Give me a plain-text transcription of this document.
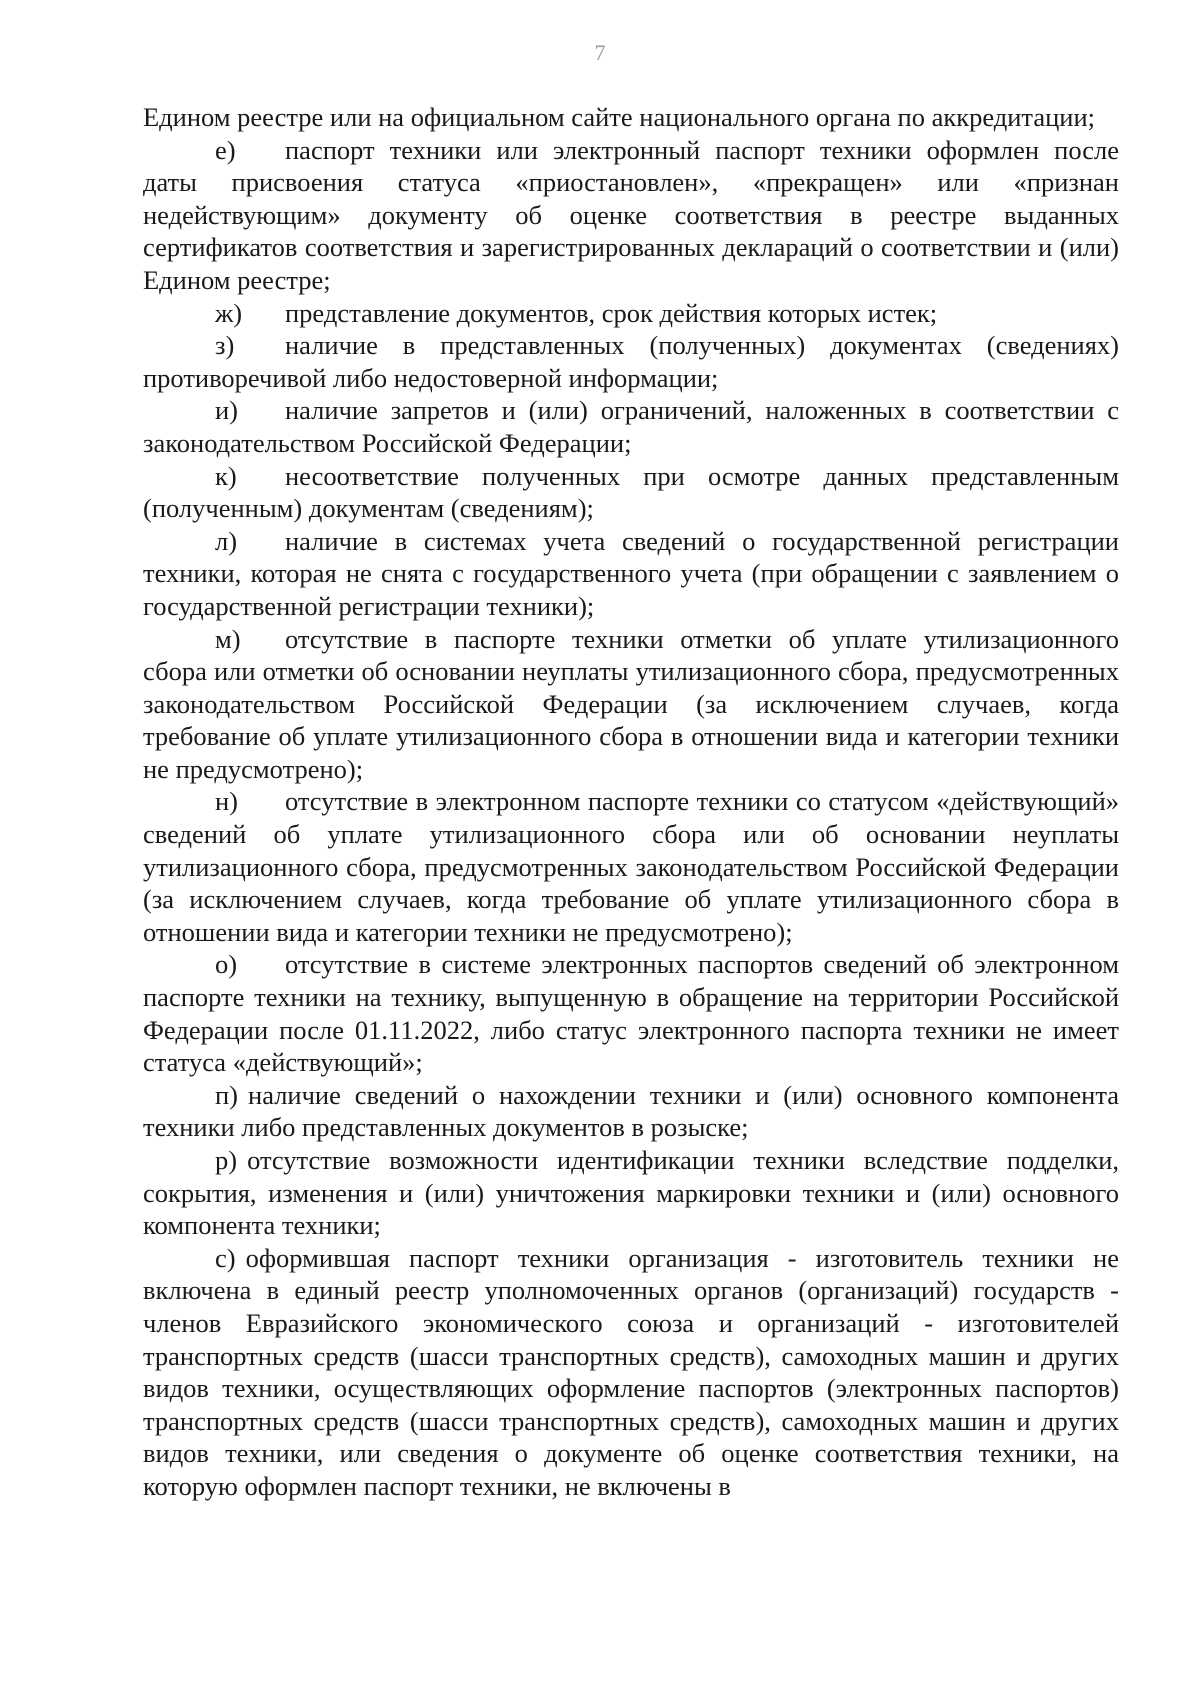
7

Едином реестре или на официальном сайте национального органа по аккредитации;

е) паспорт техники или электронный паспорт техники оформлен после даты присвоения статуса «приостановлен», «прекращен» или «признан недействующим» документу об оценке соответствия в реестре выданных сертификатов соответствия и зарегистрированных деклараций о соответствии и (или) Едином реестре;

ж) представление документов, срок действия которых истек;

з) наличие в представленных (полученных) документах (сведениях) противоречивой либо недостоверной информации;

и) наличие запретов и (или) ограничений, наложенных в соответствии с законодательством Российской Федерации;

к) несоответствие полученных при осмотре данных представленным (полученным) документам (сведениям);

л) наличие в системах учета сведений о государственной регистрации техники, которая не снята с государственного учета (при обращении с заявлением о государственной регистрации техники);

м) отсутствие в паспорте техники отметки об уплате утилизационного сбора или отметки об основании неуплаты утилизационного сбора, предусмотренных законодательством Российской Федерации (за исключением случаев, когда требование об уплате утилизационного сбора в отношении вида и категории техники не предусмотрено);

н) отсутствие в электронном паспорте техники со статусом «действующий» сведений об уплате утилизационного сбора или об основании неуплаты утилизационного сбора, предусмотренных законодательством Российской Федерации (за исключением случаев, когда требование об уплате утилизационного сбора в отношении вида и категории техники не предусмотрено);

о) отсутствие в системе электронных паспортов сведений об электронном паспорте техники на технику, выпущенную в обращение на территории Российской Федерации после 01.11.2022, либо статус электронного паспорта техники не имеет статуса «действующий»;

п) наличие сведений о нахождении техники и (или) основного компонента техники либо представленных документов в розыске;

р) отсутствие возможности идентификации техники вследствие подделки, сокрытия, изменения и (или) уничтожения маркировки техники и (или) основного компонента техники;

с) оформившая паспорт техники организация - изготовитель техники не включена в единый реестр уполномоченных органов (организаций) государств - членов Евразийского экономического союза и организаций - изготовителей транспортных средств (шасси транспортных средств), самоходных машин и других видов техники, осуществляющих оформление паспортов (электронных паспортов) транспортных средств (шасси транспортных средств), самоходных машин и других видов техники, или сведения о документе об оценке соответствия техники, на которую оформлен паспорт техники, не включены в
